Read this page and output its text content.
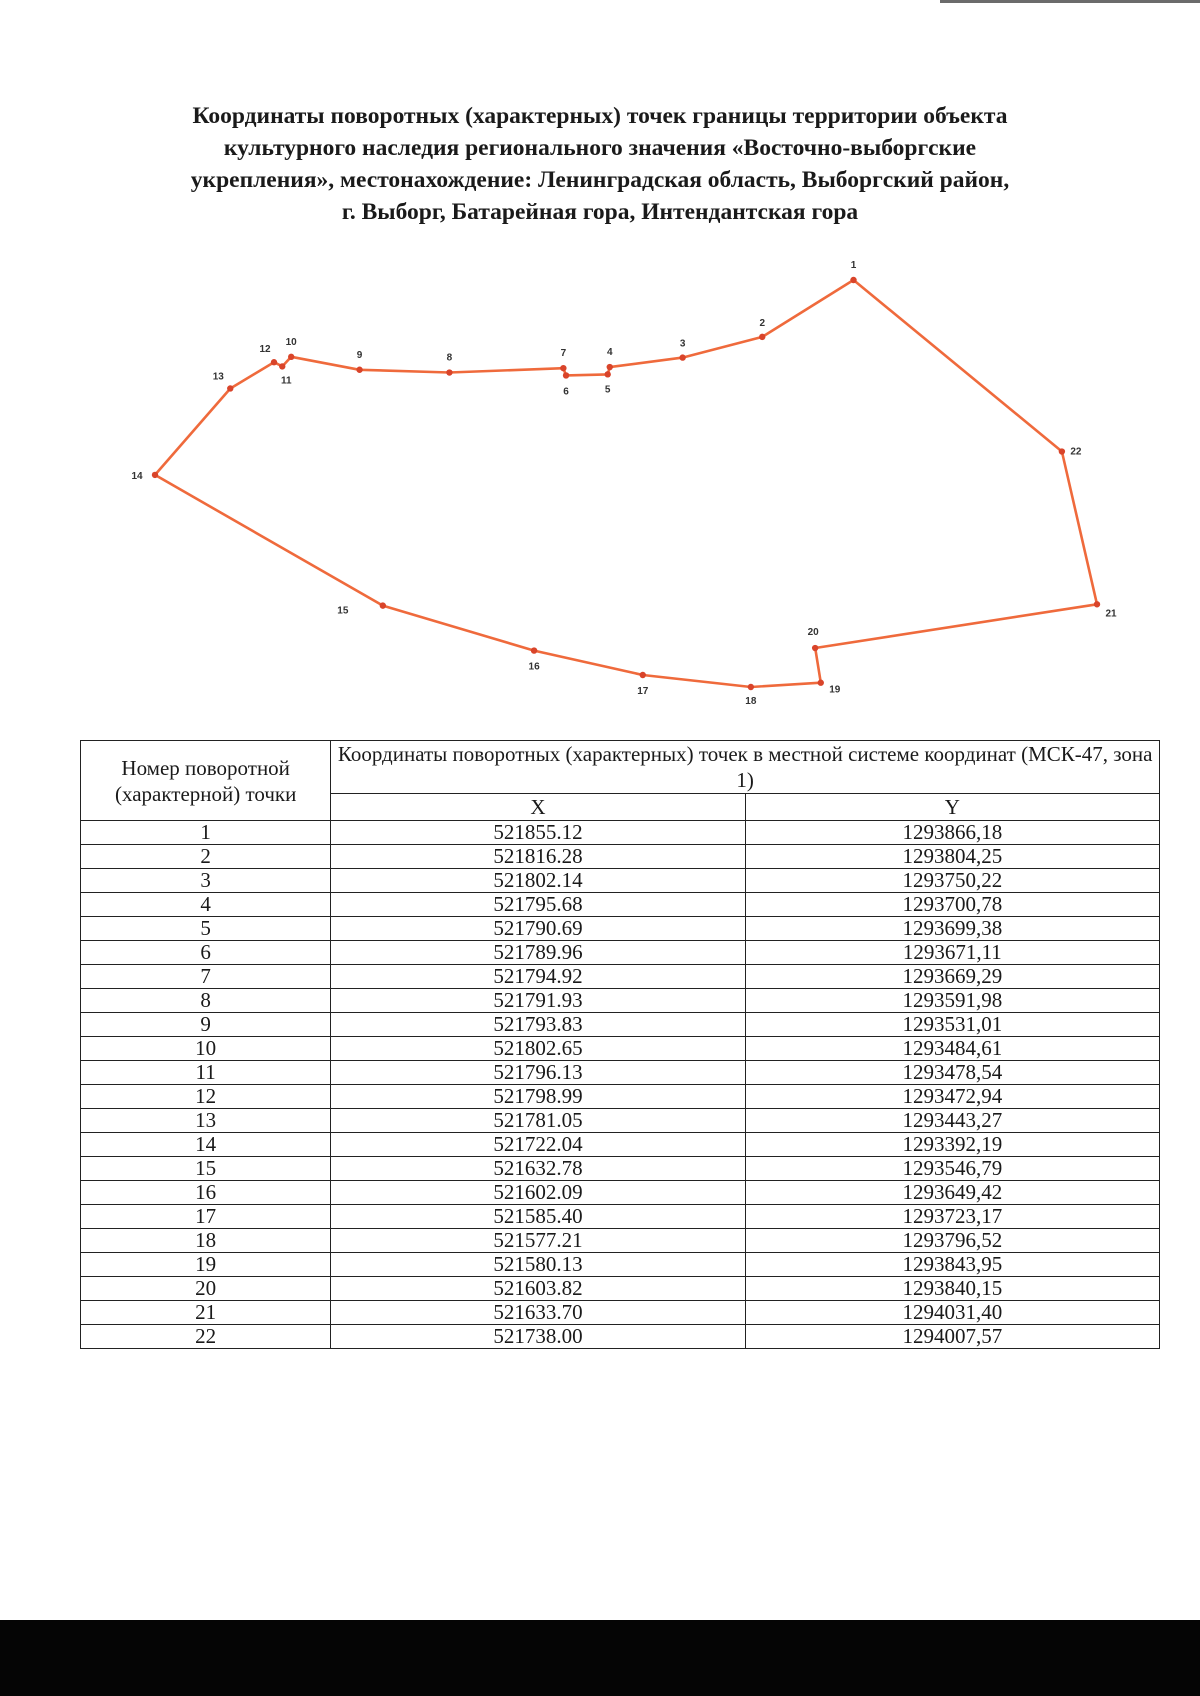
Координаты поворотных (характерных) точек границы территории объекта
культурного наследия регионального значения «Восточно-выборгские
укрепления», местонахождение: Ленинградская область, Выборгский район,
г. Выборг, Батарейная гора, Интендантская гора
1
2
3
4
5
6
7
8
9
10
11
12
13
14
15
16
17
18
19
20
21
22
Номер поворотной (характерной) точки	Координаты поворотных (характерных) точек в местной системе координат (МСК-47, зона 1)	
	X	Y
1	521855.12	1293866,18
2	521816.28	1293804,25
3	521802.14	1293750,22
4	521795.68	1293700,78
5	521790.69	1293699,38
6	521789.96	1293671,11
7	521794.92	1293669,29
8	521791.93	1293591,98
9	521793.83	1293531,01
10	521802.65	1293484,61
11	521796.13	1293478,54
12	521798.99	1293472,94
13	521781.05	1293443,27
14	521722.04	1293392,19
15	521632.78	1293546,79
16	521602.09	1293649,42
17	521585.40	1293723,17
18	521577.21	1293796,52
19	521580.13	1293843,95
20	521603.82	1293840,15
21	521633.70	1294031,40
22	521738.00	1294007,57
